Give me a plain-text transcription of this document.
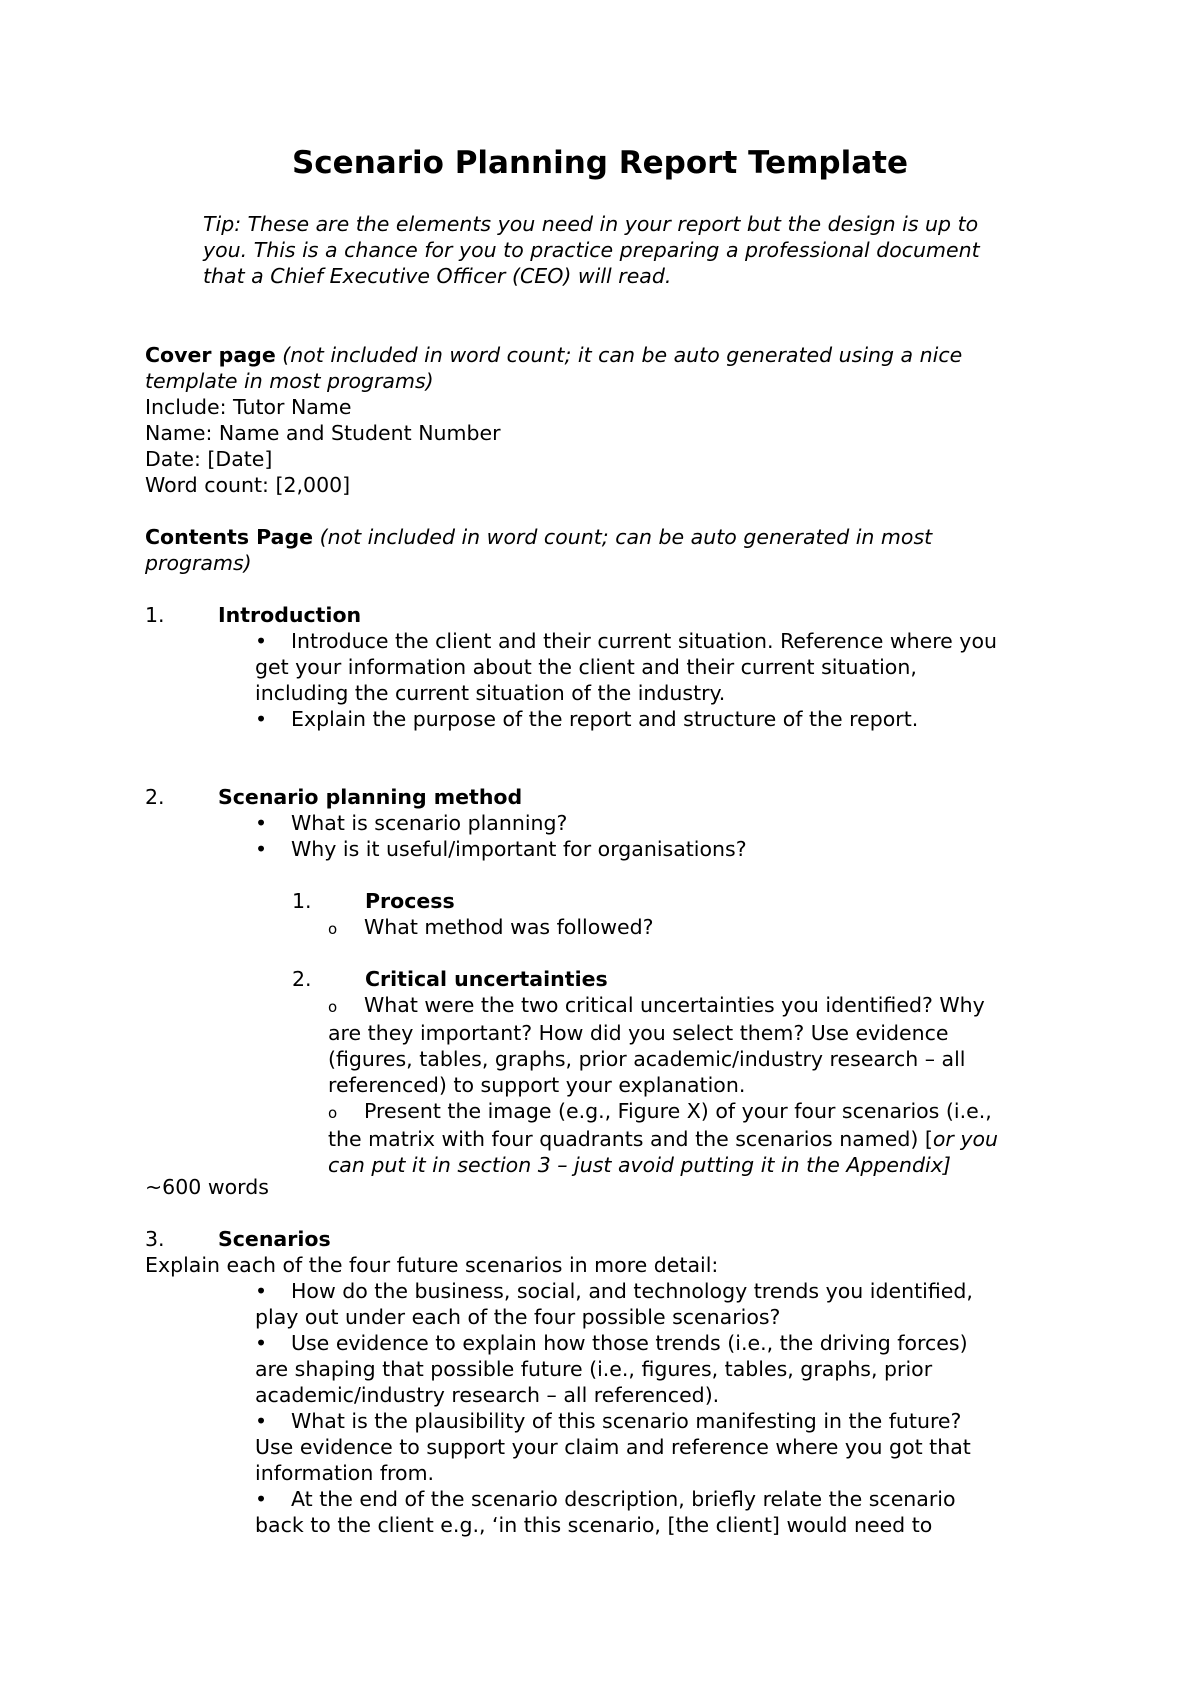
Scenario Planning Report Template
Tip: These are the elements you need in your report but the design is up to
you. This is a chance for you to practice preparing a professional document
that a Chief Executive Officer (CEO) will read.
Cover page (not included in word count; it can be auto generated using a nice
template in most programs)
Include: Tutor Name
Name: Name and Student Number
Date: [Date]
Word count: [2,000]
Contents Page (not included in word count; can be auto generated in most
programs)
1.	Introduction
• Introduce the client and their current situation. Reference where you
get your information about the client and their current situation,
including the current situation of the industry.
• Explain the purpose of the report and structure of the report.
2.	Scenario planning method
• What is scenario planning?
• Why is it useful/important for organisations?
1.	Process
o What method was followed?
2.	Critical uncertainties
o What were the two critical uncertainties you identified? Why
are they important? How did you select them? Use evidence
(figures, tables, graphs, prior academic/industry research – all
referenced) to support your explanation.
o Present the image (e.g., Figure X) of your four scenarios (i.e.,
the matrix with four quadrants and the scenarios named) [or you
can put it in section 3 – just avoid putting it in the Appendix]
~600 words
3.	Scenarios
Explain each of the four future scenarios in more detail:
• How do the business, social, and technology trends you identified,
play out under each of the four possible scenarios?
• Use evidence to explain how those trends (i.e., the driving forces)
are shaping that possible future (i.e., figures, tables, graphs, prior
academic/industry research – all referenced).
• What is the plausibility of this scenario manifesting in the future?
Use evidence to support your claim and reference where you got that
information from.
• At the end of the scenario description, briefly relate the scenario
back to the client e.g., ‘in this scenario, [the client] would need to
